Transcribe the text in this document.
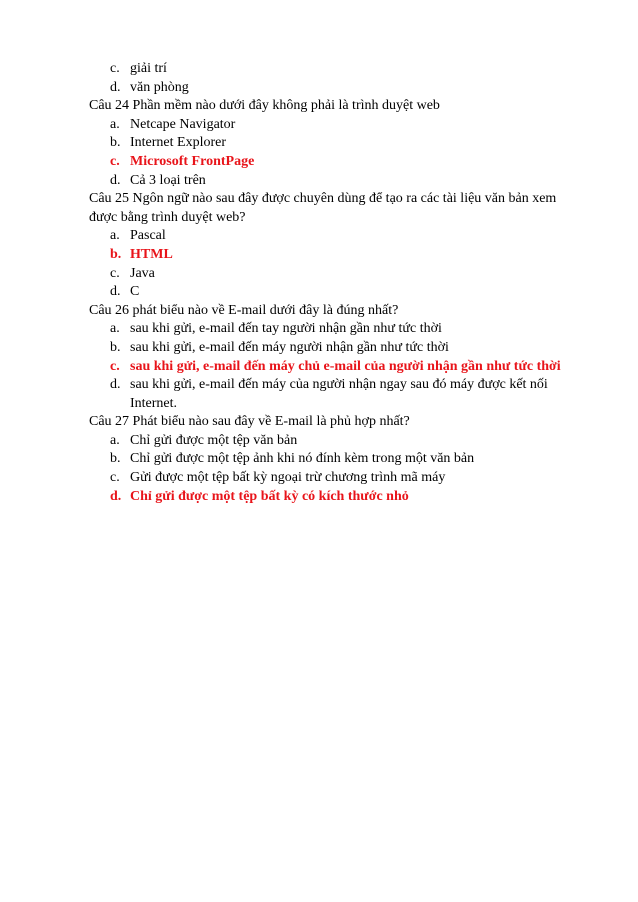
c. giải trí
d. văn phòng

Câu 24 Phần mềm nào dưới đây không phải là trình duyệt web

a. Netcape Navigator
b. Internet Explorer
c. Microsoft FrontPage
d. Cả 3 loại trên

Câu 25 Ngôn ngữ nào sau đây được chuyên dùng để tạo ra các tài liệu văn bản xem được bằng trình duyệt web?

a. Pascal
b. HTML
c. Java
d. C

Câu 26 phát biểu nào về E-mail dưới đây là đúng nhất?

a. sau khi gửi, e-mail đến tay người nhận gần như tức thời
b. sau khi gửi, e-mail đến máy người nhận gần như tức thời
c. sau khi gửi, e-mail đến máy chủ e-mail của người nhận gần như tức thời
d. sau khi gửi, e-mail đến máy của người nhận ngay sau đó máy được kết nối Internet.

Câu 27 Phát biểu nào sau đây về E-mail là phủ hợp nhất?

a. Chỉ gửi được một tệp văn bản
b. Chỉ gửi được một tệp ảnh khi nó đính kèm trong một văn bản
c. Gửi được một tệp bất kỳ ngoại trừ chương trình mã máy
d. Chỉ gửi được một tệp bất kỳ có kích thước nhỏ
